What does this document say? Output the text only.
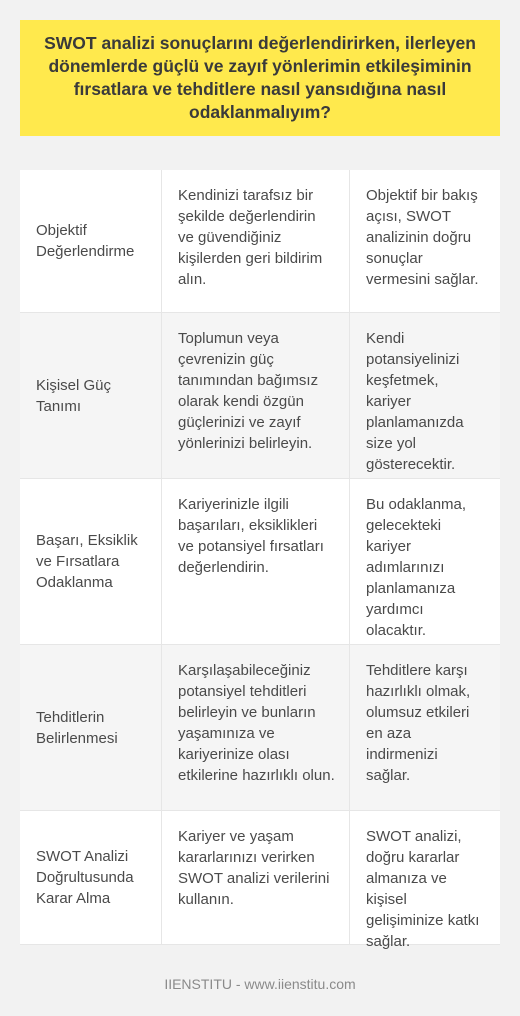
SWOT analizi sonuçlarını değerlendirirken, ilerleyen dönemlerde güçlü ve zayıf yönlerimin etkileşiminin fırsatlara ve tehditlere nasıl yansıdığına nasıl odaklanmalıyım?
Objektif Değerlendirme
Kendinizi tarafsız bir şekilde değerlendirin ve güvendiğiniz kişilerden geri bildirim alın.
Objektif bir bakış açısı, SWOT analizinin doğru sonuçlar vermesini sağlar.
Kişisel Güç Tanımı
Toplumun veya çevrenizin güç tanımından bağımsız olarak kendi özgün güçlerinizi ve zayıf yönlerinizi belirleyin.
Kendi potansiyelinizi keşfetmek, kariyer planlamanızda size yol gösterecektir.
Başarı, Eksiklik ve Fırsatlara Odaklanma
Kariyerinizle ilgili başarıları, eksiklikleri ve potansiyel fırsatları değerlendirin.
Bu odaklanma, gelecekteki kariyer adımlarınızı planlamanıza yardımcı olacaktır.
Tehditlerin Belirlenmesi
Karşılaşabileceğiniz potansiyel tehditleri belirleyin ve bunların yaşamınıza ve kariyerinize olası etkilerine hazırlıklı olun.
Tehditlere karşı hazırlıklı olmak, olumsuz etkileri en aza indirmenizi sağlar.
SWOT Analizi Doğrultusunda Karar Alma
Kariyer ve yaşam kararlarınızı verirken SWOT analizi verilerini kullanın.
SWOT analizi, doğru kararlar almanıza ve kişisel gelişiminize katkı sağlar.
IIENSTITU - www.iienstitu.com
